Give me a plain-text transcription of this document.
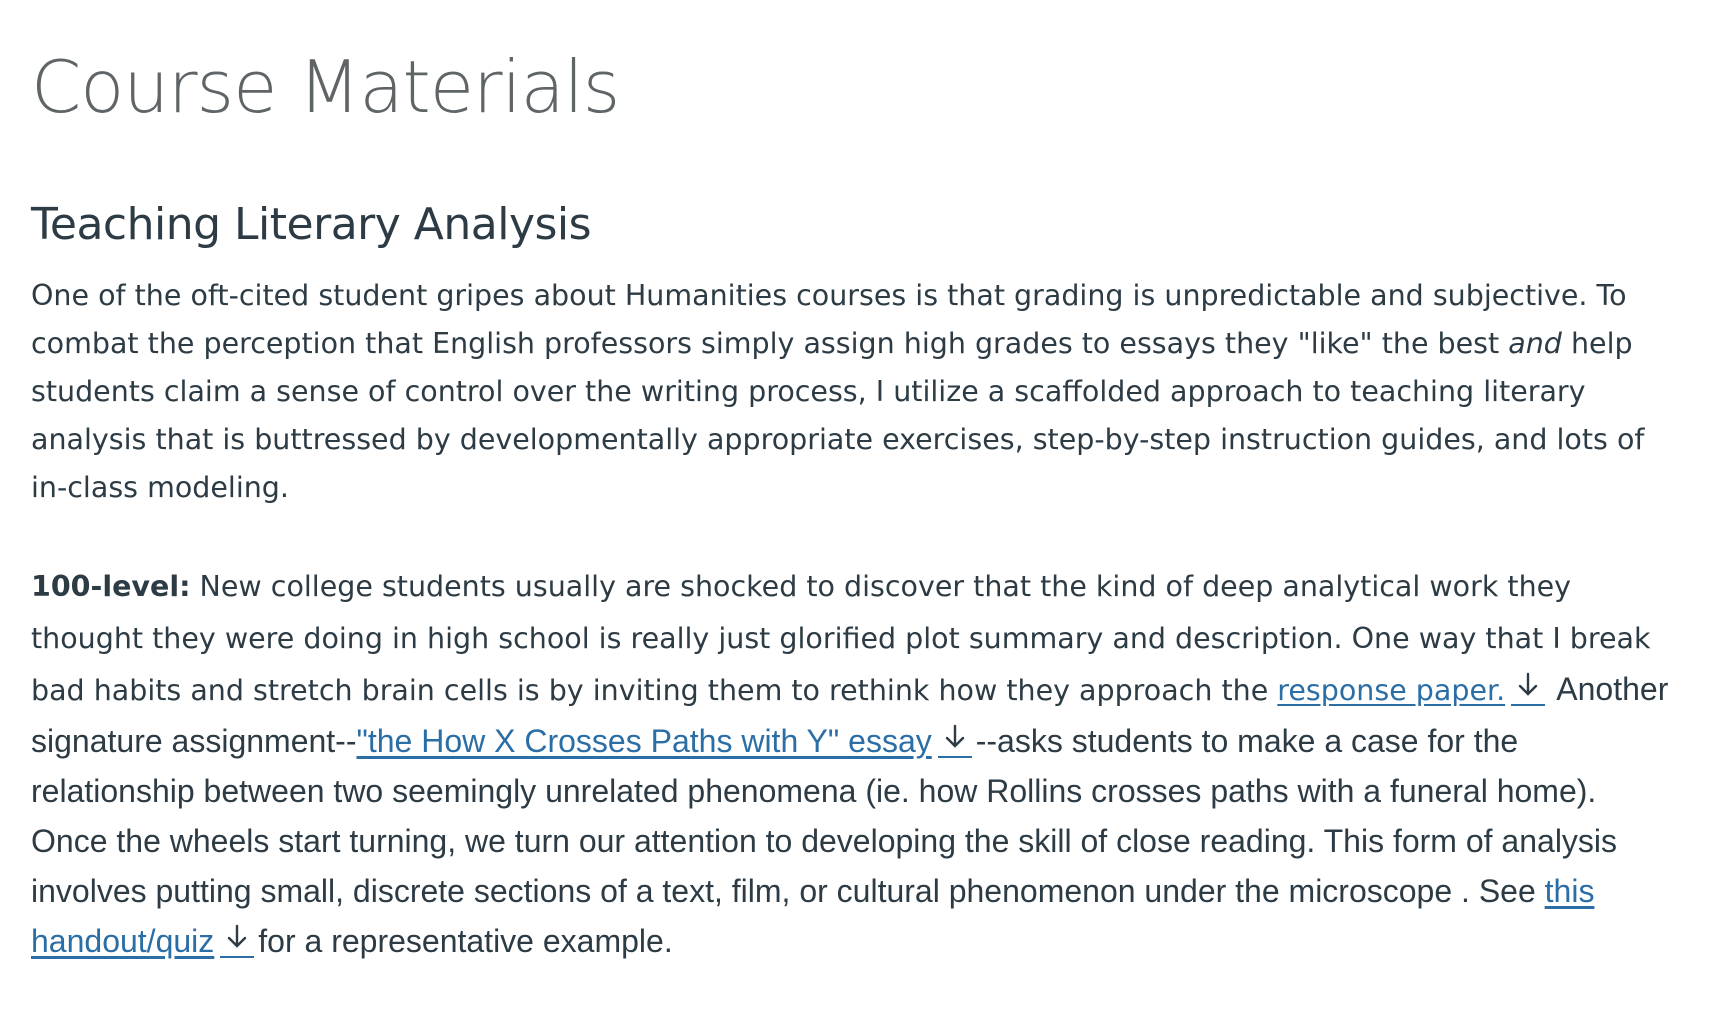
Course Materials
Teaching Literary Analysis

One of the oft-cited student gripes about Humanities courses is that grading is unpredictable and subjective. To combat the perception that English professors simply assign high grades to essays they "like" the best and help students claim a sense of control over the writing process, I utilize a scaffolded approach to teaching literary analysis that is buttressed by developmentally appropriate exercises, step-by-step instruction guides, and lots of in-class modeling.

100-level: New college students usually are shocked to discover that the kind of deep analytical work they thought they were doing in high school is really just glorified plot summary and description. One way that I break bad habits and stretch brain cells is by inviting them to rethink how they approach the response paper.
Another signature assignment--"the How X Crosses Paths with Y" essay --asks students to make a case for the relationship between two seemingly unrelated phenomena (ie. how Rollins crosses paths with a funeral home). Once the wheels start turning, we turn our attention to developing the skill of close reading. This form of analysis involves putting small, discrete sections of a text, film, or cultural phenomenon under the microscope . See this handout/quiz for a representative example.
